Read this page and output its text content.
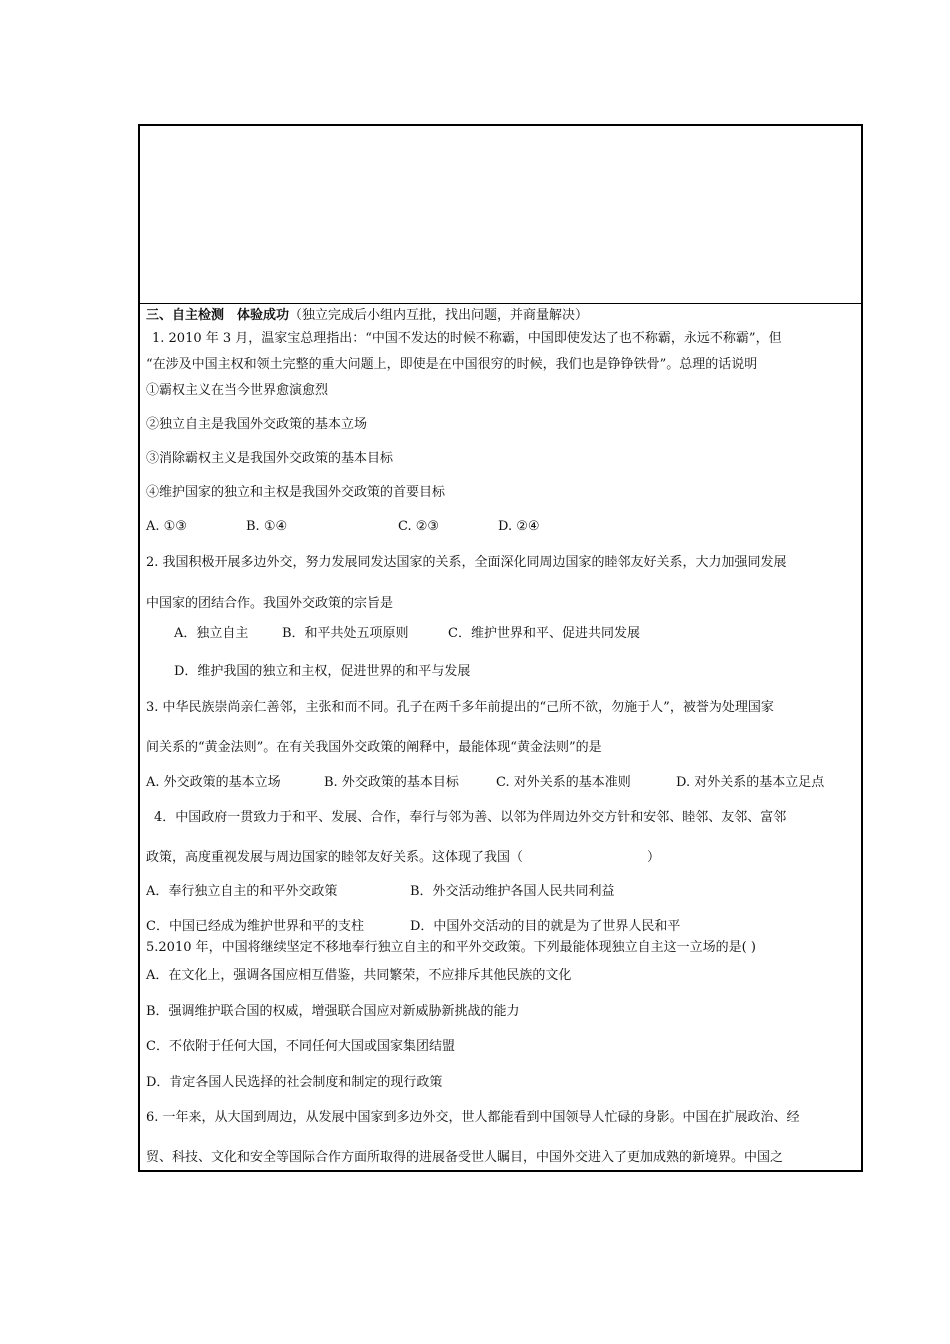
三、自主检测　体验成功（独立完成后小组内互批，找出问题，并商量解决）
1. 2010 年 3 月，温家宝总理指出：“中国不发达的时候不称霸，中国即使发达了也不称霸，永远不称霸”，但
“在涉及中国主权和领土完整的重大问题上，即使是在中国很穷的时候，我们也是铮铮铁骨”。总理的话说明
①霸权主义在当今世界愈演愈烈
②独立自主是我国外交政策的基本立场
③消除霸权主义是我国外交政策的基本目标
④维护国家的独立和主权是我国外交政策的首要目标
A. ①③	B. ①④	C. ②③	D. ②④
2. 我国积极开展多边外交，努力发展同发达国家的关系，全面深化同周边国家的睦邻友好关系，大力加强同发展
中国家的团结合作。我国外交政策的宗旨是
A．独立自主	B．和平共处五项原则	C．维护世界和平、促进共同发展
D．维护我国的独立和主权，促进世界的和平与发展
3. 中华民族崇尚亲仁善邻，主张和而不同。孔子在两千多年前提出的“己所不欲，勿施于人”，被誉为处理国家
间关系的“黄金法则”。在有关我国外交政策的阐释中，最能体现“黄金法则”的是
A. 外交政策的基本立场	B. 外交政策的基本目标	C. 对外关系的基本准则	D. 对外关系的基本立足点
4．中国政府一贯致力于和平、发展、合作，奉行与邻为善、以邻为伴周边外交方针和安邻、睦邻、友邻、富邻
政策，高度重视发展与周边国家的睦邻友好关系。这体现了我国（	）
A．奉行独立自主的和平外交政策	B．外交活动维护各国人民共同利益
C．中国已经成为维护世界和平的支柱	D．中国外交活动的目的就是为了世界人民和平
5.2010 年，中国将继续坚定不移地奉行独立自主的和平外交政策。下列最能体现独立自主这一立场的是( )
A．在文化上，强调各国应相互借鉴，共同繁荣，不应排斥其他民族的文化
B．强调维护联合国的权威，增强联合国应对新威胁新挑战的能力
C．不依附于任何大国，不同任何大国或国家集团结盟
D．肯定各国人民选择的社会制度和制定的现行政策
6. 一年来，从大国到周边，从发展中国家到多边外交，世人都能看到中国领导人忙碌的身影。中国在扩展政治、经
贸、科技、文化和安全等国际合作方面所取得的进展备受世人瞩目，中国外交进入了更加成熟的新境界。中国之
